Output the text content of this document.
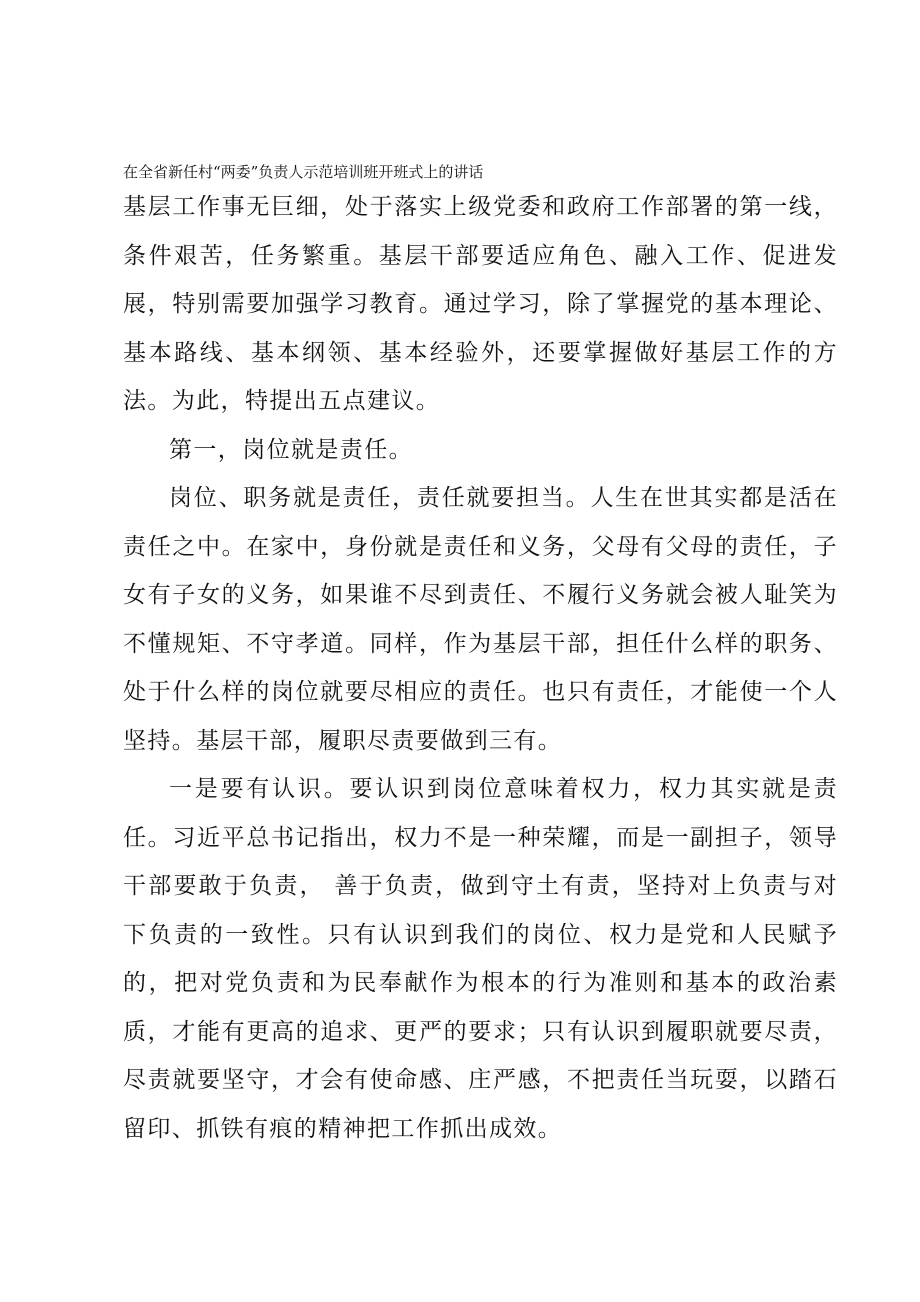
在全省新任村“两委”负责人示范培训班开班式上的讲话

基层工作事无巨细，处于落实上级党委和政府工作部署的第一线，条件艰苦，任务繁重。基层干部要适应角色、融入工作、促进发展，特别需要加强学习教育。通过学习，除了掌握党的基本理论、基本路线、基本纲领、基本经验外，还要掌握做好基层工作的方法。为此，特提出五点建议。

第一，岗位就是责任。

岗位、职务就是责任，责任就要担当。人生在世其实都是活在责任之中。在家中，身份就是责任和义务，父母有父母的责任，子女有子女的义务，如果谁不尽到责任、不履行义务就会被人耻笑为不懂规矩、不守孝道。同样，作为基层干部，担任什么样的职务、处于什么样的岗位就要尽相应的责任。也只有责任，才能使一个人坚持。基层干部，履职尽责要做到三有。

一是要有认识。要认识到岗位意味着权力，权力其实就是责任。习近平总书记指出，权力不是一种荣耀，而是一副担子，领导干部要敢于负责， 善于负责，做到守土有责，坚持对上负责与对下负责的一致性。只有认识到我们的岗位、权力是党和人民赋予的，把对党负责和为民奉献作为根本的行为准则和基本的政治素质，才能有更高的追求、更严的要求；只有认识到履职就要尽责，尽责就要坚守，才会有使命感、庄严感，不把责任当玩耍，以踏石留印、抓铁有痕的精神把工作抓出成效。
